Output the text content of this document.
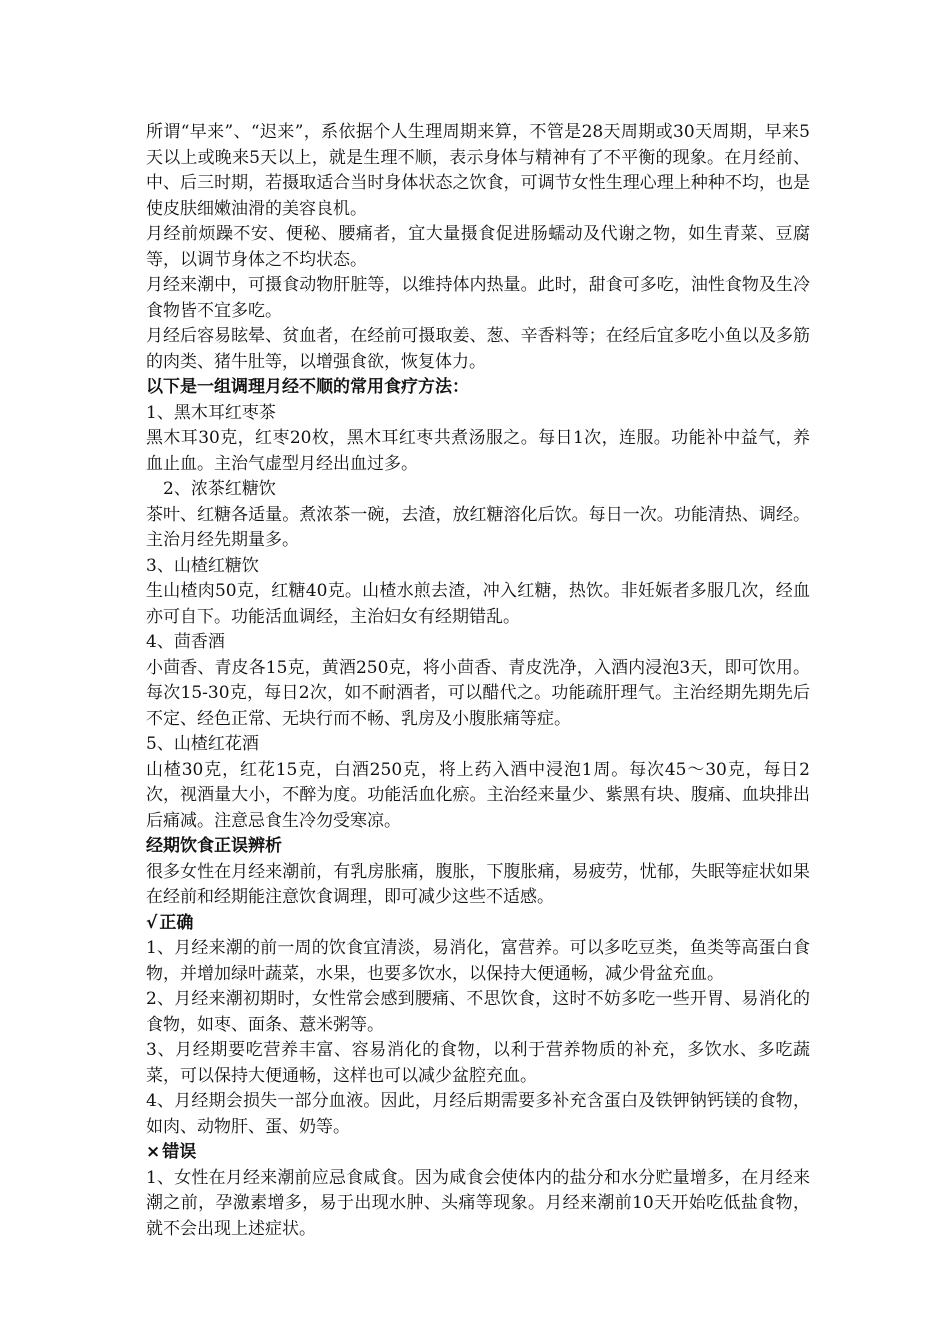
所谓“早来”、“迟来”，系依据个人生理周期来算，不管是28天周期或30天周期，早来5天以上或晚来5天以上，就是生理不顺，表示身体与精神有了不平衡的现象。在月经前、中、后三时期，若摄取适合当时身体状态之饮食，可调节女性生理心理上种种不均，也是使皮肤细嫩油滑的美容良机。

月经前烦躁不安、便秘、腰痛者，宜大量摄食促进肠蠕动及代谢之物，如生青菜、豆腐等，以调节身体之不均状态。

月经来潮中，可摄食动物肝脏等，以维持体内热量。此时，甜食可多吃，油性食物及生冷食物皆不宜多吃。

月经后容易眩晕、贫血者，在经前可摄取姜、葱、辛香料等；在经后宜多吃小鱼以及多筋的肉类、猪牛肚等，以增强食欲，恢复体力。

以下是一组调理月经不顺的常用食疗方法：

1、黑木耳红枣茶

黑木耳30克，红枣20枚，黑木耳红枣共煮汤服之。每日1次，连服。功能补中益气，养血止血。主治气虚型月经出血过多。

2、浓茶红糖饮

茶叶、红糖各适量。煮浓茶一碗，去渣，放红糖溶化后饮。每日一次。功能清热、调经。主治月经先期量多。

3、山楂红糖饮

生山楂肉50克，红糖40克。山楂水煎去渣，冲入红糖，热饮。非妊娠者多服几次，经血亦可自下。功能活血调经，主治妇女有经期错乱。

4、茴香酒

小茴香、青皮各15克，黄酒250克，将小茴香、青皮洗净，入酒内浸泡3天，即可饮用。每次15-30克，每日2次，如不耐酒者，可以醋代之。功能疏肝理气。主治经期先期先后不定、经色正常、无块行而不畅、乳房及小腹胀痛等症。

5、山楂红花酒

山楂30克，红花15克，白酒250克，将上药入酒中浸泡1周。每次45～30克，每日2次，视酒量大小，不醉为度。功能活血化瘀。主治经来量少、紫黑有块、腹痛、血块排出后痛减。注意忌食生冷勿受寒凉。

经期饮食正误辨析

很多女性在月经来潮前，有乳房胀痛，腹胀，下腹胀痛，易疲劳，忧郁，失眠等症状如果在经前和经期能注意饮食调理，即可减少这些不适感。

√ 正确

1、月经来潮的前一周的饮食宜清淡，易消化，富营养。可以多吃豆类，鱼类等高蛋白食物，并增加绿叶蔬菜，水果，也要多饮水，以保持大便通畅，减少骨盆充血。

2、月经来潮初期时，女性常会感到腰痛、不思饮食，这时不妨多吃一些开胃、易消化的食物，如枣、面条、薏米粥等。

3、月经期要吃营养丰富、容易消化的食物，以利于营养物质的补充，多饮水、多吃蔬菜，可以保持大便通畅，这样也可以减少盆腔充血。

4、月经期会损失一部分血液。因此，月经后期需要多补充含蛋白及铁钾钠钙镁的食物，如肉、动物肝、蛋、奶等。

× 错误

1、女性在月经来潮前应忌食咸食。因为咸食会使体内的盐分和水分贮量增多，在月经来潮之前，孕激素增多，易于出现水肿、头痛等现象。月经来潮前10天开始吃低盐食物，就不会出现上述症状。
